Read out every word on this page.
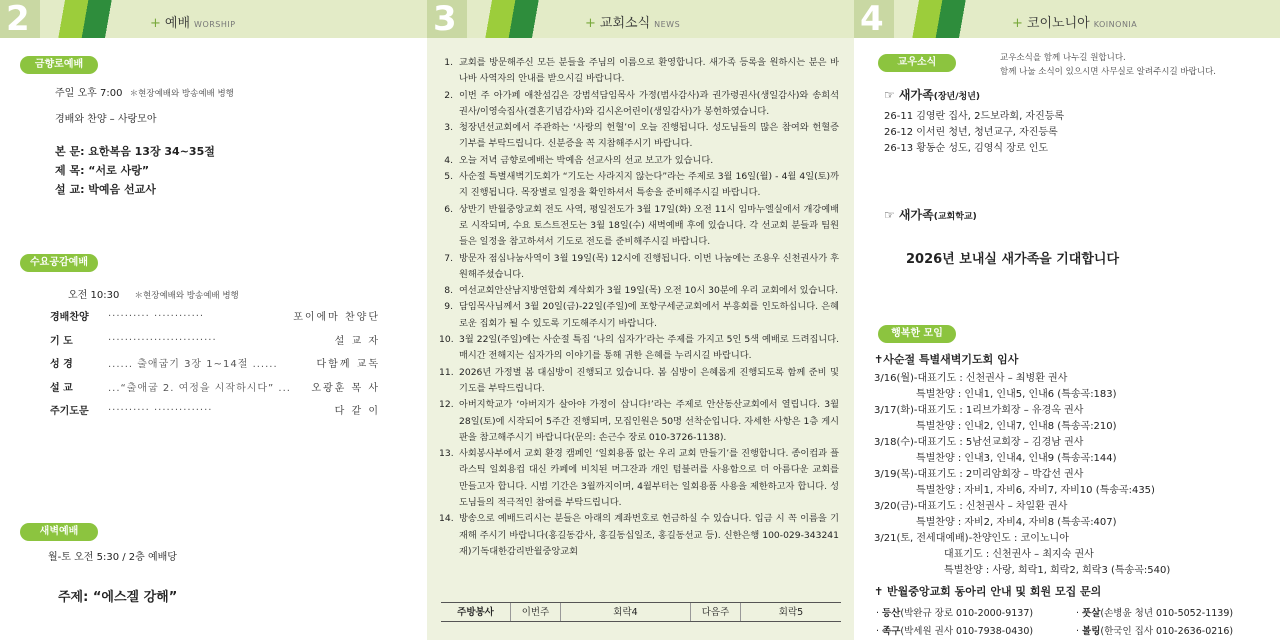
2	+ 예배 WORSHIP
금향로예배
주일 오후 7:00 ＊현장예배와 방송예배 병행
경배와 찬양 – 사랑모아
본 문: 요한복음 13장 34~35절
제 목: “서로 사랑”
설 교: 박예음 선교사
수요공감예배
오전 10:30 ＊현장예배와 방송예배 병행
경배찬양 .......... ............	포이에마 찬양단
기 도	..........................	설 교 자
성 경	...... 출애굽기 3장 1~14절 ......	다함께 교독
설 교	...“출애굽 2. 여정을 시작하시다” ... 오광훈 목 사
주기도문 .......... ..............	다 같 이
새벽예배
월-토 오전 5:30 / 2층 예배당
주제: “에스겔 강해”
3	+ 교회소식 NEWS
1. 교회를 방문해주신 모든 분들을 주님의 이름으로 환영합니다. 새가족 등록을 원하시는 분은 바나바 사역자의 안내를 받으시길 바랍니다.
2. 이번 주 아가페 애찬섬김은 강범석담임목사 가정(범사감사)과 권가령권사(생일감사)와 송희석권사/이영숙집사(결혼기념감사)와 김시온어린이(생일감사)가 봉헌하였습니다.
3. 청장년선교회에서 주관하는 ‘사랑의 헌혈’이 오늘 진행됩니다. 성도님들의 많은 참여와 헌혈증 기부를 부탁드립니다. 신분증을 꼭 지참해주시기 바랍니다.
4. 오늘 저녁 금향로예배는 박예음 선교사의 선교 보고가 있습니다.
5. 사순절 특별새벽기도회가 “기도는 사라지지 않는다”라는 주제로 3월 16일(월) - 4월 4일(토)까지 진행됩니다. 목장별로 일정을 확인하셔서 특송을 준비해주시길 바랍니다.
6. 상반기 반월중앙교회 전도 사역, 평일전도가 3월 17일(화) 오전 11시 임마누엘실에서 개강예배로 시작되며, 수요 토스트전도는 3월 18일(수) 새벽예배 후에 있습니다. 각 선교회 분들과 팀원들은 일정을 참고하셔서 기도로 전도를 준비해주시길 바랍니다.
7. 방문자 점심나눔사역이 3월 19일(목) 12시에 진행됩니다. 이번 나눔에는 조용우 신천권사가 후원해주셨습니다.
8. 여선교회안산남지방연합회 계삭회가 3월 19일(목) 오전 10시 30분에 우리 교회에서 있습니다.
9. 담임목사님께서 3월 20일(금)-22일(주일)에 포항구세군교회에서 부흥회를 인도하십니다. 은혜로운 집회가 될 수 있도록 기도해주시기 바랍니다.
10. 3월 22일(주일)에는 사순절 특집 ‘나의 십자가’라는 주제를 가지고 5인 5색 예배로 드려집니다. 매시간 전해지는 십자가의 이야기를 통해 귀한 은혜를 누리시길 바랍니다.
11. 2026년 가정별 봄 대심방이 진행되고 있습니다. 봄 심방이 은혜롭게 진행되도록 함께 준비 및 기도를 부탁드립니다.
12. 아버지학교가 ‘아버지가 살아야 가정이 삽니다!’라는 주제로 안산동산교회에서 열립니다. 3월 28일(토)에 시작되어 5주간 진행되며, 모집인원은 50명 선착순입니다. 자세한 사항은 1층 게시판을 참고해주시기 바랍니다(문의: 손근수 장로 010-3726-1138).
13. 사회봉사부에서 교회 환경 캠페인 ‘일회용품 없는 우리 교회 만들기’를 진행합니다. 종이컵과 플라스틱 일회용컵 대신 카페에 비치된 머그잔과 개인 텀블러를 사용함으로 더 아름다운 교회를 만들고자 합니다. 시범 기간은 3월까지이며, 4월부터는 일회용품 사용을 제한하고자 합니다. 성도님들의 적극적인 참여를 부탁드립니다.
14. 방송으로 예배드리시는 분들은 아래의 계좌번호로 헌금하실 수 있습니다. 입금 시 꼭 이름을 기재해 주시기 바랍니다(홍길동감사, 홍길동십일조, 홍길동선교 등). 신한은행 100-029-343241 재)기독대한감리반월중앙교회
주방봉사	이번주	회락4	다음주	회락5
4	+ 코이노니아 KOINONIA
교우소식	교우소식을 함께 나누길 원합니다.
함께 나눌 소식이 있으시면 사무실로 알려주시길 바랍니다.
☞ 새가족(장년/청년)
26-11 김영란 집사, 2드보라회, 자진등록
26-12 이서린 청년, 청년교구, 자진등록
26-13 황동순 성도, 김영식 장로 인도
☞ 새가족(교회학교)
2026년 보내실 새가족을 기대합니다
행복한 모임
✝사순절 특별새벽기도회 임사
3/16(월)-대표기도 : 신천권사 – 최병환 권사
특별찬양 : 인내1, 인내5, 인내6 (특송곡:183)
3/17(화)-대표기도 : 1리브가회장 – 유경옥 권사
특별찬양 : 인내2, 인내7, 인내8 (특송곡:210)
3/18(수)-대표기도 : 5남선교회장 – 김경남 권사
특별찬양 : 인내3, 인내4, 인내9 (특송곡:144)
3/19(목)-대표기도 : 2미리암회장 – 박갑선 권사
특별찬양 : 자비1, 자비6, 자비7, 자비10 (특송곡:435)
3/20(금)-대표기도 : 신천권사 – 차일환 권사
특별찬양 : 자비2, 자비4, 자비8 (특송곡:407)
3/21(토, 전세대예배)-찬양인도 : 코이노니아
대표기도 : 신천권사 – 최지숙 권사
특별찬양 : 사랑, 희락1, 희락2, 희락3 (특송곡:540)
✝ 반월중앙교회 동아리 안내 및 회원 모집 문의
· 등산(박완규 장로 010-2000-9137)	· 풋살(손병윤 청년 010-5052-1139)
· 족구(박세원 권사 010-7938-0430)	· 볼링(한국인 집사 010-2636-0216)
